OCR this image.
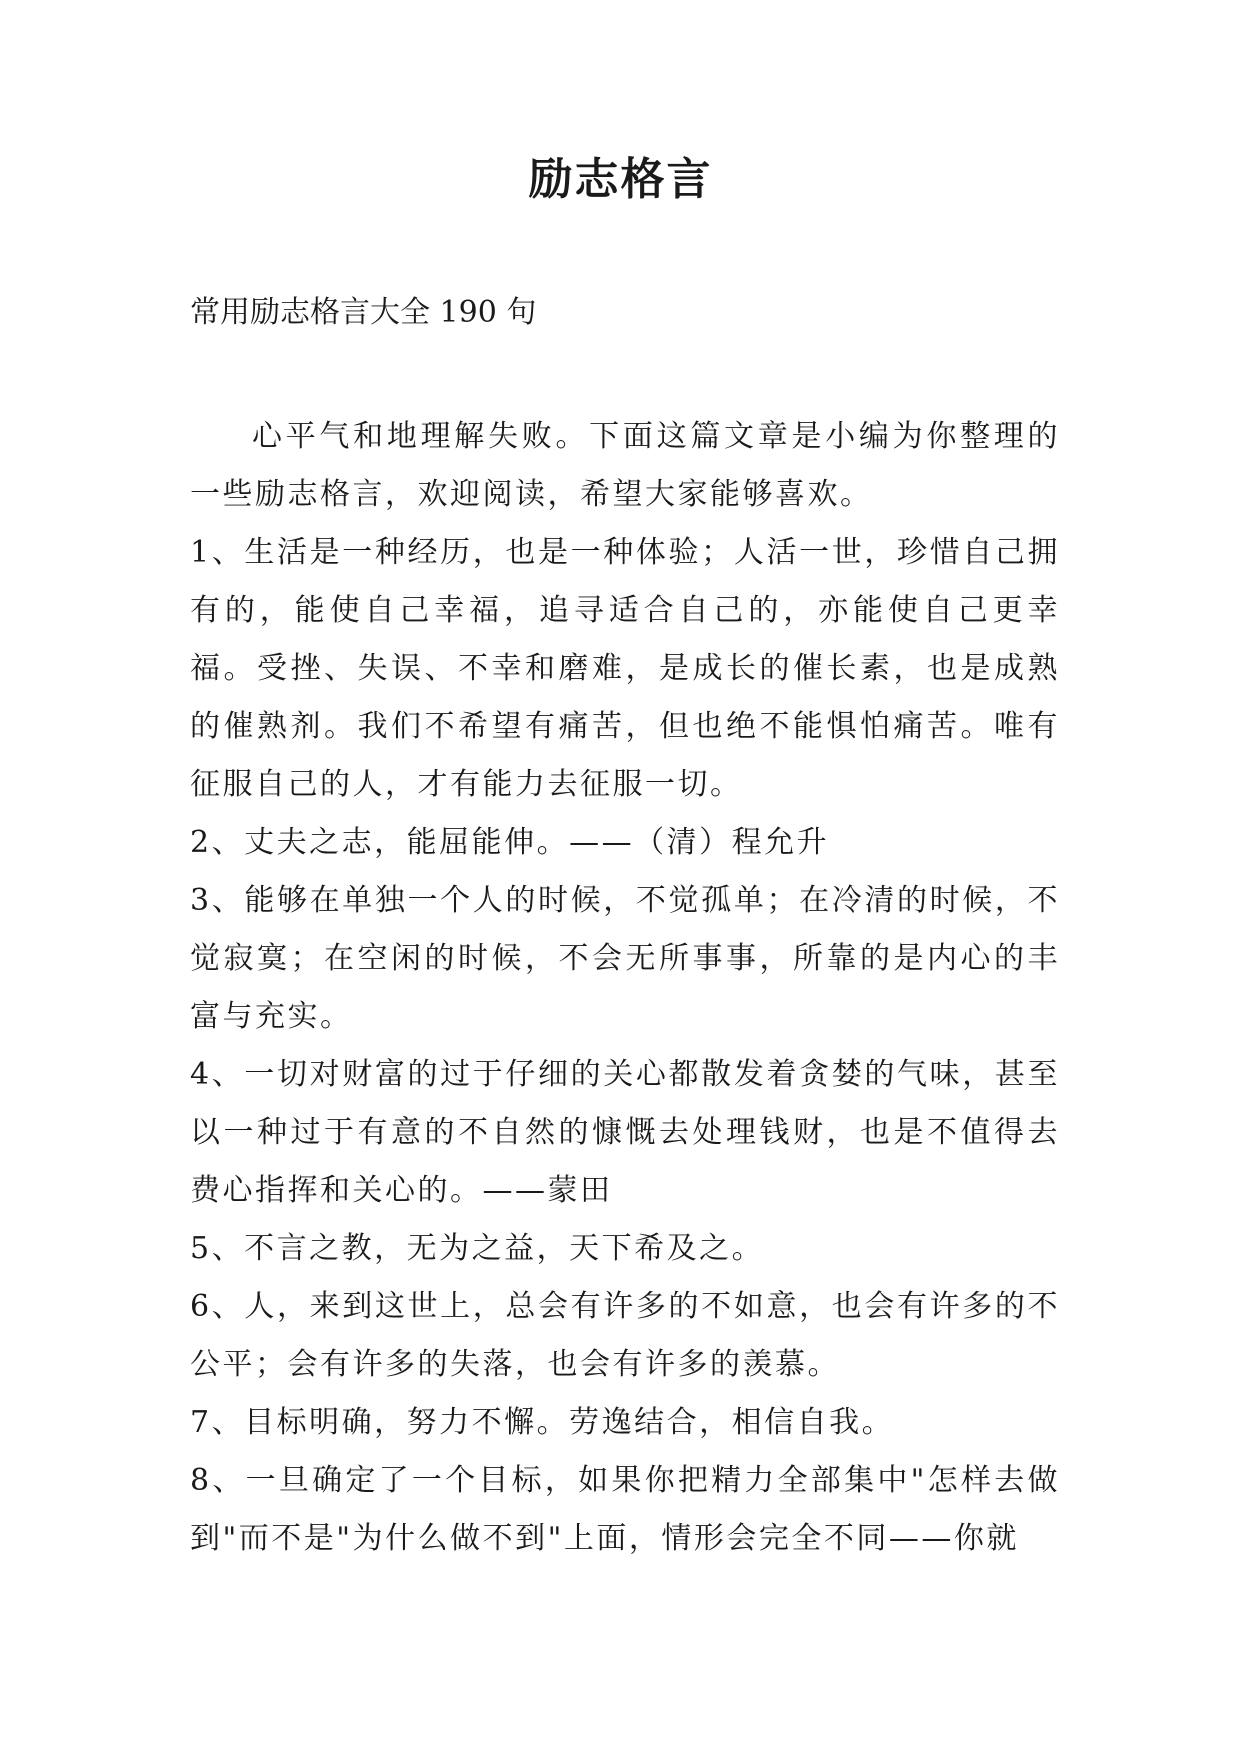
励志格言
常用励志格言大全 190 句

心平气和地理解失败。下面这篇文章是小编为你整理的一些励志格言，欢迎阅读，希望大家能够喜欢。

1、生活是一种经历，也是一种体验；人活一世，珍惜自己拥有的，能使自己幸福，追寻适合自己的，亦能使自己更幸福。受挫、失误、不幸和磨难，是成长的催长素，也是成熟的催熟剂。我们不希望有痛苦，但也绝不能惧怕痛苦。唯有征服自己的人，才有能力去征服一切。

2、丈夫之志，能屈能伸。——（清）程允升

3、能够在单独一个人的时候，不觉孤单；在冷清的时候，不觉寂寞；在空闲的时候，不会无所事事，所靠的是内心的丰富与充实。

4、一切对财富的过于仔细的关心都散发着贪婪的气味，甚至以一种过于有意的不自然的慷慨去处理钱财，也是不值得去费心指挥和关心的。——蒙田

5、不言之教，无为之益，天下希及之。

6、人，来到这世上，总会有许多的不如意，也会有许多的不公平；会有许多的失落，也会有许多的羡慕。

7、目标明确，努力不懈。劳逸结合，相信自我。

8、一旦确定了一个目标，如果你把精力全部集中"怎样去做到"而不是"为什么做不到"上面，情形会完全不同——你就
